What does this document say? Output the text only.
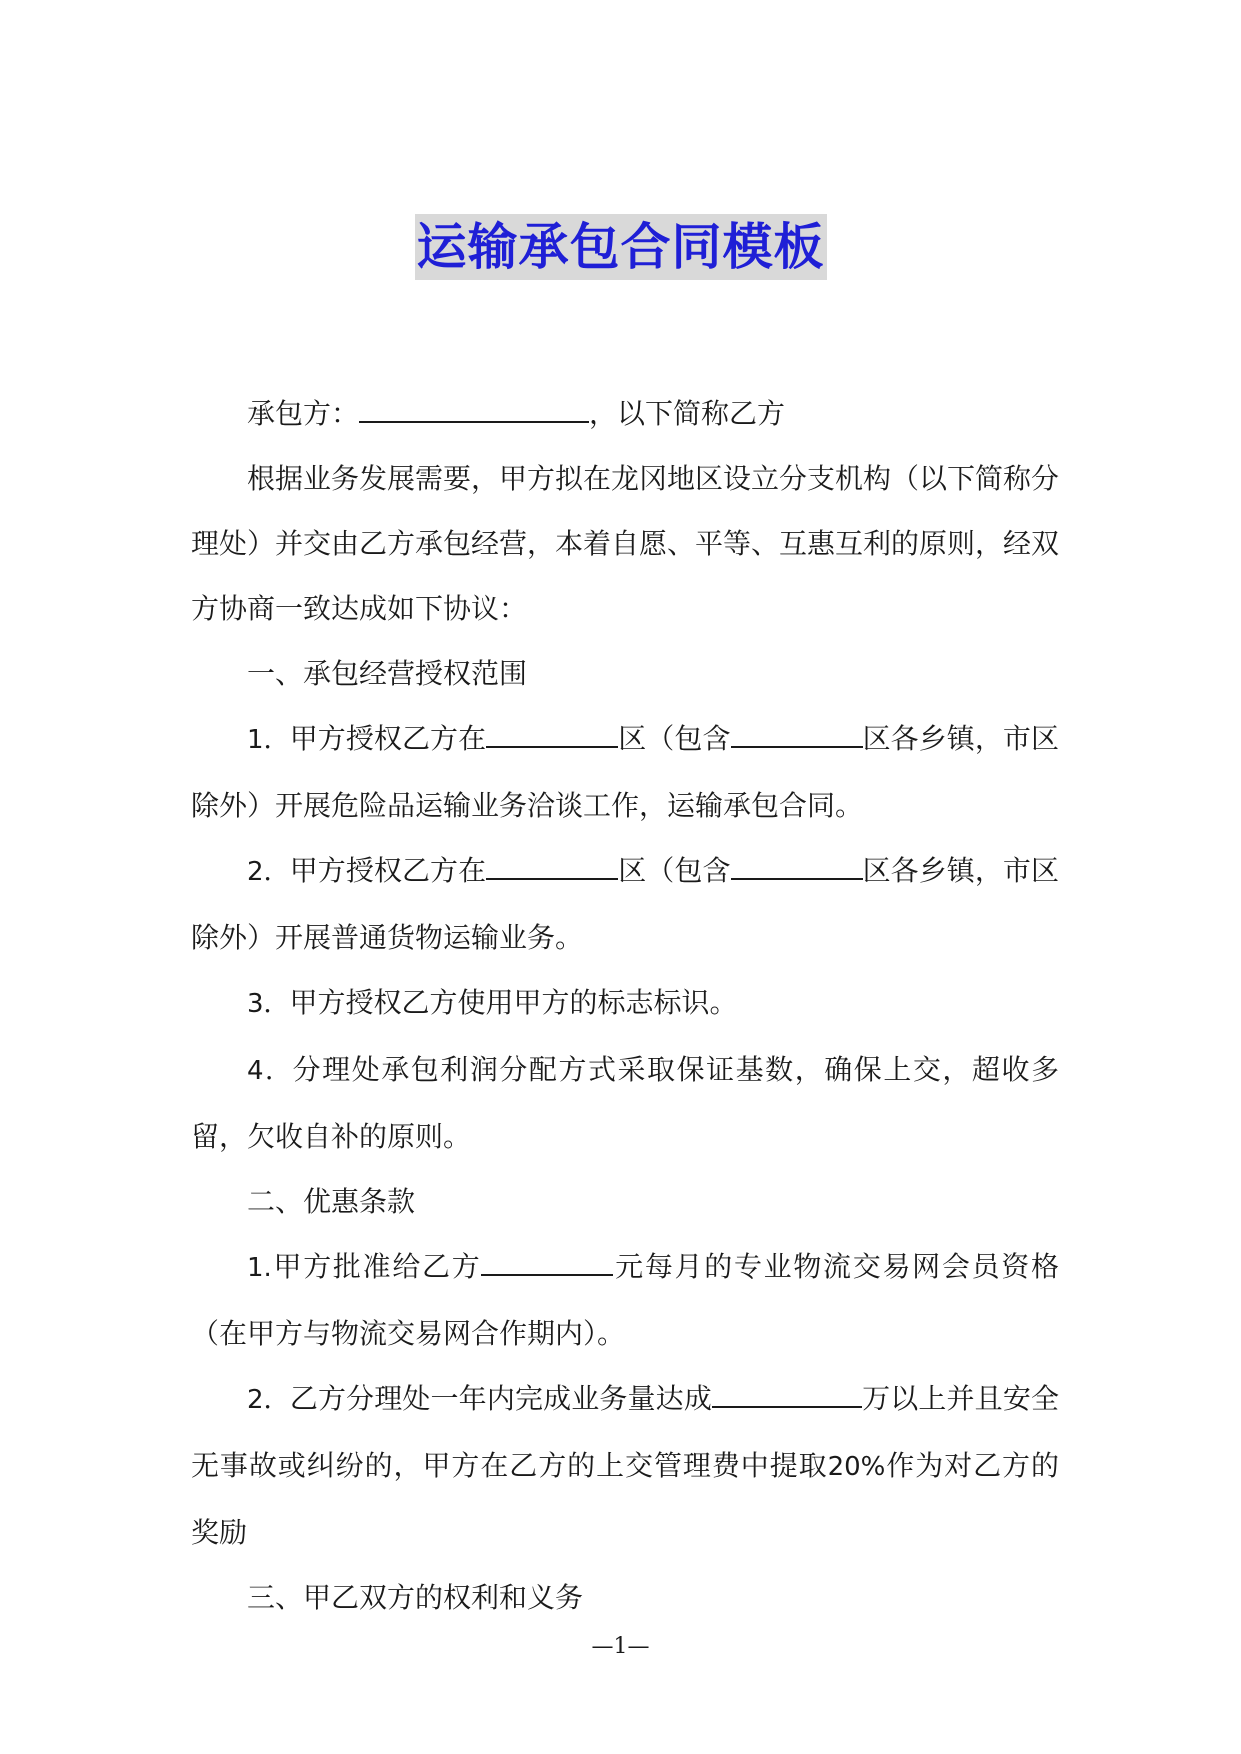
运输承包合同模板

承包方：	，以下简称乙方

根据业务发展需要，甲方拟在龙冈地区设立分支机构（以下简称分理处）并交由乙方承包经营，本着自愿、平等、互惠互利的原则，经双方协商一致达成如下协议：

一、承包经营授权范围

1．甲方授权乙方在	区（包含	区各乡镇，市区除外）开展危险品运输业务洽谈工作，运输承包合同。

2．甲方授权乙方在	区（包含	区各乡镇，市区除外）开展普通货物运输业务。

3．甲方授权乙方使用甲方的标志标识。

4．分理处承包利润分配方式采取保证基数，确保上交，超收多留，欠收自补的原则。

二、优惠条款

1.甲方批准给乙方	元每月的专业物流交易网会员资格（在甲方与物流交易网合作期内）。

2．乙方分理处一年内完成业务量达成	万以上并且安全无事故或纠纷的，甲方在乙方的上交管理费中提取20%作为对乙方的奖励

三、甲乙双方的权利和义务

—1—
